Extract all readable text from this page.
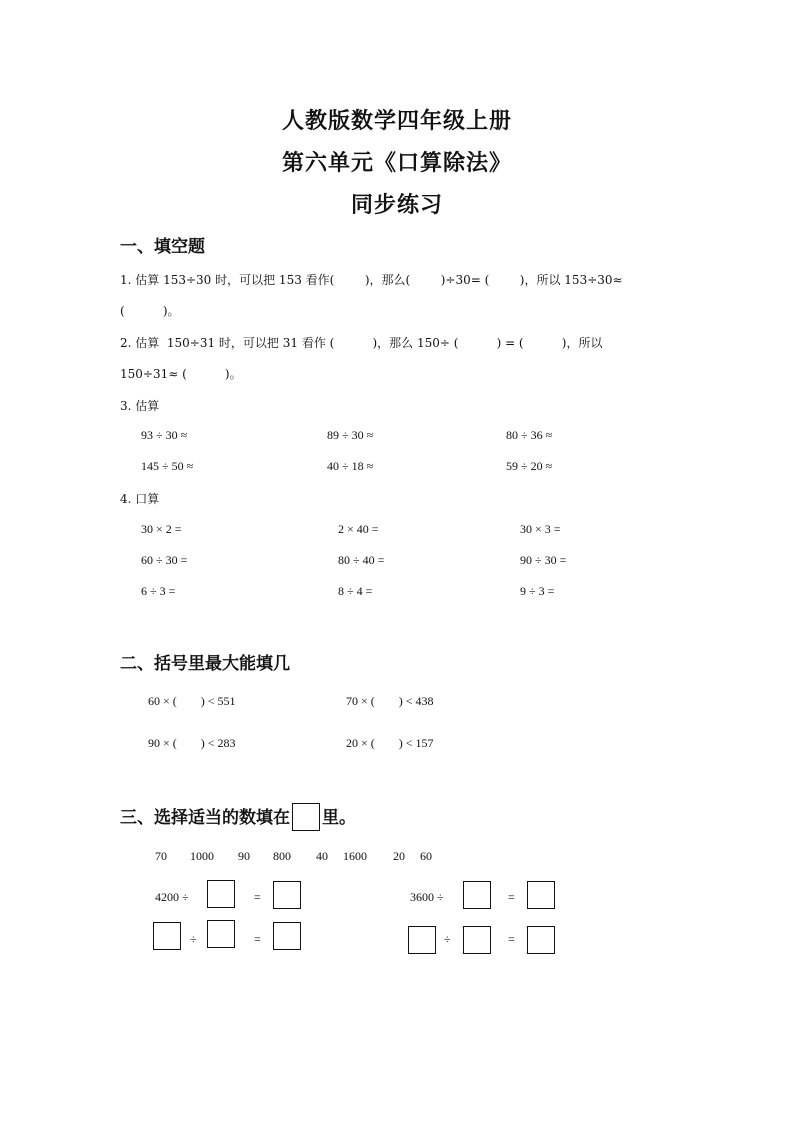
人教版数学四年级上册
第六单元《口算除法》
同步练习
一、填空题
1. 估算 153÷30 时，可以把 153 看作(        )，那么(        )÷30= (        )，所以 153÷30≈
(          )。
2. 估算  150÷31 时，可以把 31 看作 (          )，那么 150÷ (          ) = (          )，所以
150÷31≈ (          )。
3. 估算
93 ÷ 30 ≈	89 ÷ 30 ≈	80 ÷ 36 ≈
145 ÷ 50 ≈	40 ÷ 18 ≈	59 ÷ 20 ≈
4. 口算
30 × 2 =	2 × 40 =	30 × 3 =
60 ÷ 30 =	80 ÷ 40 =	90 ÷ 30 =
6 ÷ 3 =	8 ÷ 4 =	9 ÷ 3 =
二、括号里最大能填几
60 × (        ) < 551	70 × (        ) < 438
90 × (        ) < 283	20 × (        ) < 157
三、选择适当的数填在 里。
70 1000 90 800 40 1600 20 60
4200 ÷	=
÷	=
3600 ÷	=
÷	=
